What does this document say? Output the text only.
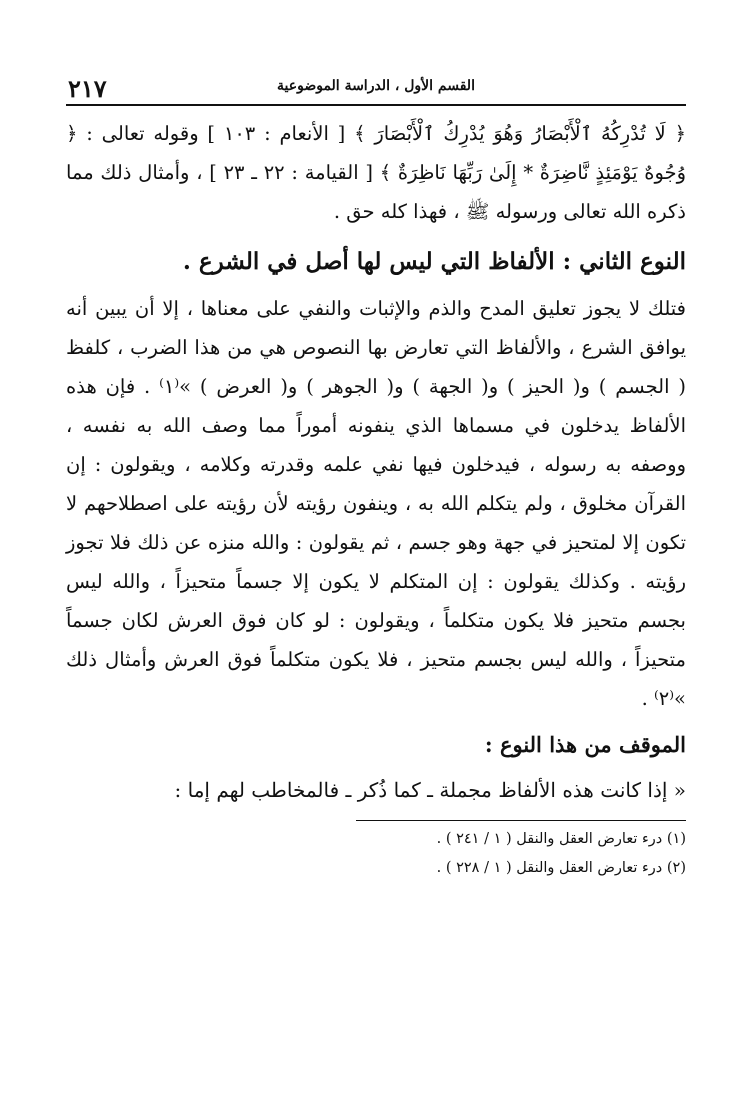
٢١٧	القسم الأول ، الدراسة الموضوعية

﴿ لَا تُدْرِكُهُ ٱلْأَبْصَارُ وَهُوَ يُدْرِكُ ٱلْأَبْصَارَ ﴾ [ الأنعام : ١٠٣ ] وقوله تعالى : ﴿ وُجُوهٌ يَوْمَئِذٍ نَّاضِرَةٌ * إِلَىٰ رَبِّهَا نَاظِرَةٌ ﴾ [ القيامة : ٢٢ ـ ٢٣ ] ، وأمثال ذلك مما ذكره الله تعالى ورسوله ﷺ ، فهذا كله حق .

النوع الثاني : الألفاظ التي ليس لها أصل في الشرع .

فتلك لا يجوز تعليق المدح والذم والإثبات والنفي على معناها ، إلا أن يبين أنه يوافق الشرع ، والألفاظ التي تعارض بها النصوص هي من هذا الضرب ، كلفظ ( الجسم ) و( الحيز ) و( الجهة ) و( الجوهر ) و( العرض ) »⁽١⁾ . فإن هذه الألفاظ يدخلون في مسماها الذي ينفونه أموراً مما وصف الله به نفسه ، ووصفه به رسوله ، فيدخلون فيها نفي علمه وقدرته وكلامه ، ويقولون : إن القرآن مخلوق ، ولم يتكلم الله به ، وينفون رؤيته لأن رؤيته على اصطلاحهم لا تكون إلا لمتحيز في جهة وهو جسم ، ثم يقولون : والله منزه عن ذلك فلا تجوز رؤيته . وكذلك يقولون : إن المتكلم لا يكون إلا جسماً متحيزاً ، والله ليس بجسم متحيز فلا يكون متكلماً ، ويقولون : لو كان فوق العرش لكان جسماً متحيزاً ، والله ليس بجسم متحيز ، فلا يكون متكلماً فوق العرش وأمثال ذلك »⁽٢⁾ .

الموقف من هذا النوع :

« إذا كانت هذه الألفاظ مجملة ـ كما ذُكر ـ فالمخاطب لهم إما :

(١) درء تعارض العقل والنقل ( ١ / ٢٤١ ) .

(٢) درء تعارض العقل والنقل ( ١ / ٢٢٨ ) .
